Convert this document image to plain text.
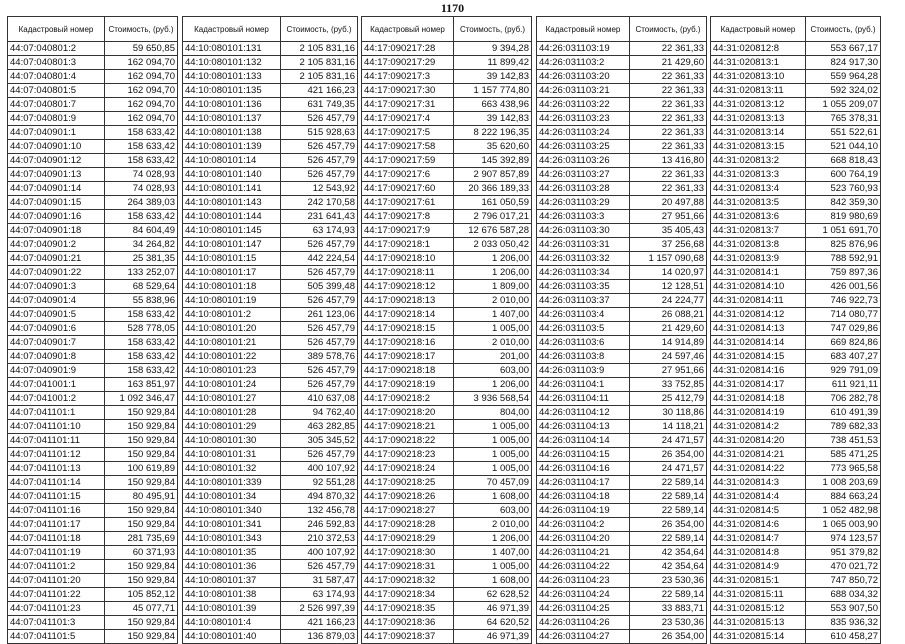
1170
Кадастровый номер	Стоимость, (руб.)
44:07:040801:2	59 650,85
44:07:040801:3	162 094,70
44:07:040801:4	162 094,70
44:07:040801:5	162 094,70
44:07:040801:7	162 094,70
44:07:040801:9	162 094,70
44:07:040901:1	158 633,42
44:07:040901:10	158 633,42
44:07:040901:12	158 633,42
44:07:040901:13	74 028,93
44:07:040901:14	74 028,93
44:07:040901:15	264 389,03
44:07:040901:16	158 633,42
44:07:040901:18	84 604,49
44:07:040901:2	34 264,82
44:07:040901:21	25 381,35
44:07:040901:22	133 252,07
44:07:040901:3	68 529,64
44:07:040901:4	55 838,96
44:07:040901:5	158 633,42
44:07:040901:6	528 778,05
44:07:040901:7	158 633,42
44:07:040901:8	158 633,42
44:07:040901:9	158 633,42
44:07:041001:1	163 851,97
44:07:041001:2	1 092 346,47
44:07:041101:1	150 929,84
44:07:041101:10	150 929,84
44:07:041101:11	150 929,84
44:07:041101:12	150 929,84
44:07:041101:13	100 619,89
44:07:041101:14	150 929,84
44:07:041101:15	80 495,91
44:07:041101:16	150 929,84
44:07:041101:17	150 929,84
44:07:041101:18	281 735,69
44:07:041101:19	60 371,93
44:07:041101:2	150 929,84
44:07:041101:20	150 929,84
44:07:041101:22	105 852,12
44:07:041101:23	45 077,71
44:07:041101:3	150 929,84
44:07:041101:5	150 929,84
Кадастровый номер	Стоимость, (руб.)
44:10:080101:131	2 105 831,16
44:10:080101:132	2 105 831,16
44:10:080101:133	2 105 831,16
44:10:080101:135	421 166,23
44:10:080101:136	631 749,35
44:10:080101:137	526 457,79
44:10:080101:138	515 928,63
44:10:080101:139	526 457,79
44:10:080101:14	526 457,79
44:10:080101:140	526 457,79
44:10:080101:141	12 543,92
44:10:080101:143	242 170,58
44:10:080101:144	231 641,43
44:10:080101:145	63 174,93
44:10:080101:147	526 457,79
44:10:080101:15	442 224,54
44:10:080101:17	526 457,79
44:10:080101:18	505 399,48
44:10:080101:19	526 457,79
44:10:080101:2	261 123,06
44:10:080101:20	526 457,79
44:10:080101:21	526 457,79
44:10:080101:22	389 578,76
44:10:080101:23	526 457,79
44:10:080101:24	526 457,79
44:10:080101:27	410 637,08
44:10:080101:28	94 762,40
44:10:080101:29	463 282,85
44:10:080101:30	305 345,52
44:10:080101:31	526 457,79
44:10:080101:32	400 107,92
44:10:080101:339	92 551,28
44:10:080101:34	494 870,32
44:10:080101:340	132 456,78
44:10:080101:341	246 592,83
44:10:080101:343	210 372,53
44:10:080101:35	400 107,92
44:10:080101:36	526 457,79
44:10:080101:37	31 587,47
44:10:080101:38	63 174,93
44:10:080101:39	2 526 997,39
44:10:080101:4	421 166,23
44:10:080101:40	136 879,03
Кадастровый номер	Стоимость, (руб.)
44:17:090217:28	9 394,28
44:17:090217:29	11 899,42
44:17:090217:3	39 142,83
44:17:090217:30	1 157 774,80
44:17:090217:31	663 438,96
44:17:090217:4	39 142,83
44:17:090217:5	8 222 196,35
44:17:090217:58	35 620,60
44:17:090217:59	145 392,89
44:17:090217:6	2 907 857,89
44:17:090217:60	20 366 189,33
44:17:090217:61	161 050,59
44:17:090217:8	2 796 017,21
44:17:090217:9	12 676 587,28
44:17:090218:1	2 033 050,42
44:17:090218:10	1 206,00
44:17:090218:11	1 206,00
44:17:090218:12	1 809,00
44:17:090218:13	2 010,00
44:17:090218:14	1 407,00
44:17:090218:15	1 005,00
44:17:090218:16	2 010,00
44:17:090218:17	201,00
44:17:090218:18	603,00
44:17:090218:19	1 206,00
44:17:090218:2	3 936 568,54
44:17:090218:20	804,00
44:17:090218:21	1 005,00
44:17:090218:22	1 005,00
44:17:090218:23	1 005,00
44:17:090218:24	1 005,00
44:17:090218:25	70 457,09
44:17:090218:26	1 608,00
44:17:090218:27	603,00
44:17:090218:28	2 010,00
44:17:090218:29	1 206,00
44:17:090218:30	1 407,00
44:17:090218:31	1 005,00
44:17:090218:32	1 608,00
44:17:090218:34	62 628,52
44:17:090218:35	46 971,39
44:17:090218:36	64 620,52
44:17:090218:37	46 971,39
Кадастровый номер	Стоимость, (руб.)
44:26:031103:19	22 361,33
44:26:031103:2	21 429,60
44:26:031103:20	22 361,33
44:26:031103:21	22 361,33
44:26:031103:22	22 361,33
44:26:031103:23	22 361,33
44:26:031103:24	22 361,33
44:26:031103:25	22 361,33
44:26:031103:26	13 416,80
44:26:031103:27	22 361,33
44:26:031103:28	22 361,33
44:26:031103:29	20 497,88
44:26:031103:3	27 951,66
44:26:031103:30	35 405,43
44:26:031103:31	37 256,68
44:26:031103:32	1 157 090,68
44:26:031103:34	14 020,97
44:26:031103:35	12 128,51
44:26:031103:37	24 224,77
44:26:031103:4	26 088,21
44:26:031103:5	21 429,60
44:26:031103:6	14 914,89
44:26:031103:8	24 597,46
44:26:031103:9	27 951,66
44:26:031104:1	33 752,85
44:26:031104:11	25 412,79
44:26:031104:12	30 118,86
44:26:031104:13	14 118,21
44:26:031104:14	24 471,57
44:26:031104:15	26 354,00
44:26:031104:16	24 471,57
44:26:031104:17	22 589,14
44:26:031104:18	22 589,14
44:26:031104:19	22 589,14
44:26:031104:2	26 354,00
44:26:031104:20	22 589,14
44:26:031104:21	42 354,64
44:26:031104:22	42 354,64
44:26:031104:23	23 530,36
44:26:031104:24	22 589,14
44:26:031104:25	33 883,71
44:26:031104:26	23 530,36
44:26:031104:27	26 354,00
Кадастровый номер	Стоимость, (руб.)
44:31:020812:8	553 667,17
44:31:020813:1	824 917,30
44:31:020813:10	559 964,28
44:31:020813:11	592 324,02
44:31:020813:12	1 055 209,07
44:31:020813:13	765 378,31
44:31:020813:14	551 522,61
44:31:020813:15	521 044,10
44:31:020813:2	668 818,43
44:31:020813:3	600 764,19
44:31:020813:4	523 760,93
44:31:020813:5	842 359,30
44:31:020813:6	819 980,69
44:31:020813:7	1 051 691,70
44:31:020813:8	825 876,96
44:31:020813:9	788 592,91
44:31:020814:1	759 897,36
44:31:020814:10	426 001,56
44:31:020814:11	746 922,73
44:31:020814:12	714 080,77
44:31:020814:13	747 029,86
44:31:020814:14	669 824,86
44:31:020814:15	683 407,27
44:31:020814:16	929 791,09
44:31:020814:17	611 921,11
44:31:020814:18	706 282,78
44:31:020814:19	610 491,39
44:31:020814:2	789 682,33
44:31:020814:20	738 451,53
44:31:020814:21	585 471,25
44:31:020814:22	773 965,58
44:31:020814:3	1 008 203,69
44:31:020814:4	884 663,24
44:31:020814:5	1 052 482,98
44:31:020814:6	1 065 003,90
44:31:020814:7	974 123,57
44:31:020814:8	951 379,82
44:31:020814:9	470 021,72
44:31:020815:1	747 850,72
44:31:020815:11	688 034,32
44:31:020815:12	553 907,50
44:31:020815:13	835 936,32
44:31:020815:14	610 458,27
